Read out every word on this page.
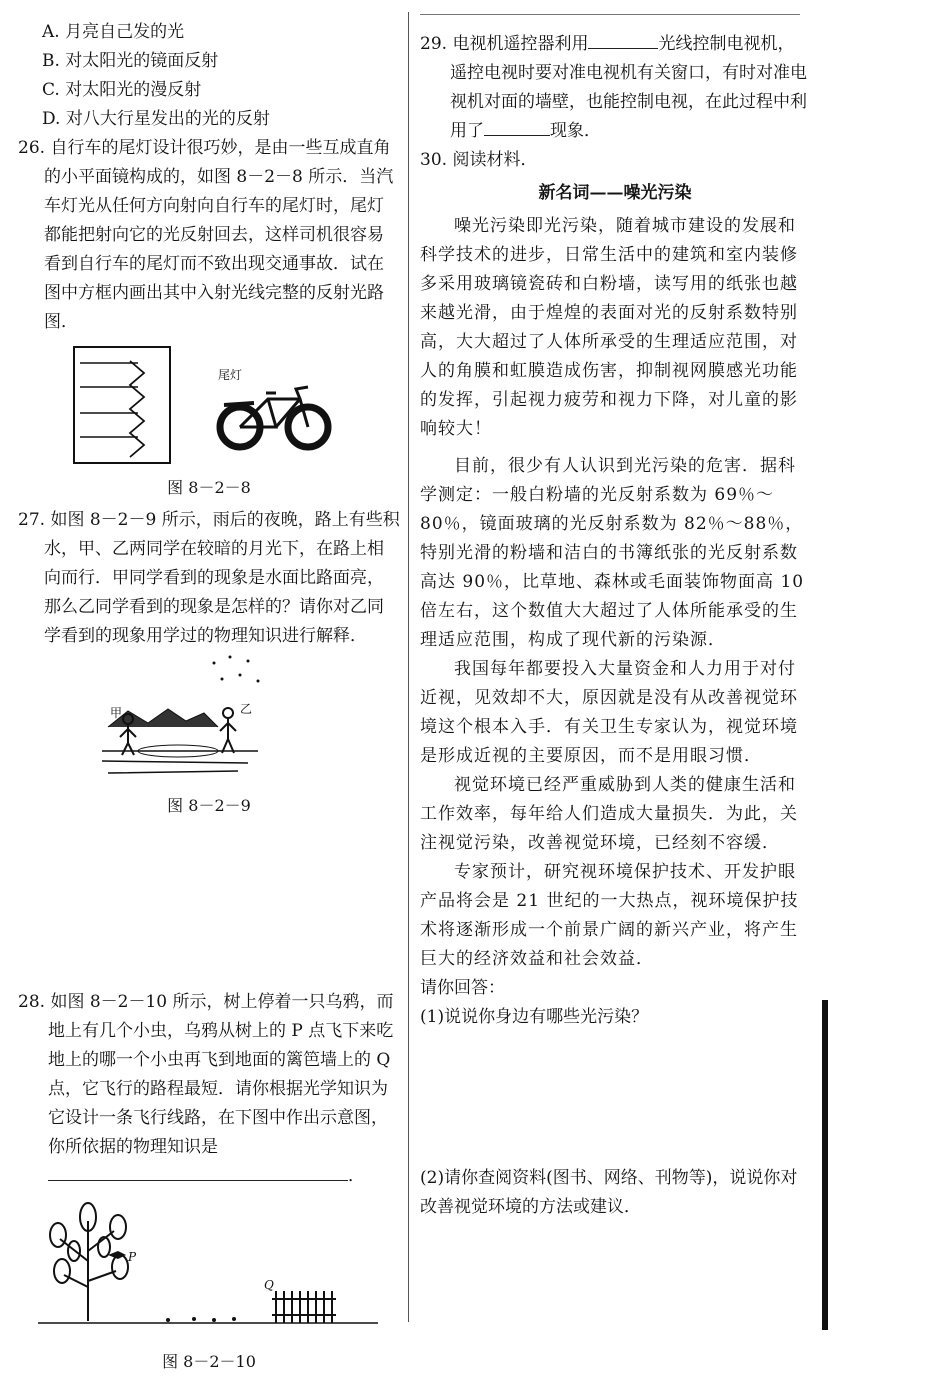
A. 月亮自己发的光

B. 对太阳光的镜面反射

C. 对太阳光的漫反射

D. 对八大行星发出的光的反射

26. 自行车的尾灯设计很巧妙，是由一些互成直角的小平面镜构成的，如图 8－2－8 所示．当汽车灯光从任何方向射向自行车的尾灯时，尾灯都能把射向它的光反射回去，这样司机很容易看到自行车的尾灯而不致出现交通事故．试在图中方框内画出其中入射光线完整的反射光路图．

尾灯

图 8－2－8

27. 如图 8－2－9 所示，雨后的夜晚，路上有些积水，甲、乙两同学在较暗的月光下，在路上相向而行．甲同学看到的现象是水面比路面亮，那么乙同学看到的现象是怎样的？请你对乙同学看到的现象用学过的物理知识进行解释．

甲	乙

图 8－2－9

28. 如图 8－2－10 所示，树上停着一只乌鸦，而地上有几个小虫，乌鸦从树上的 P 点飞下来吃地上的哪一个小虫再飞到地面的篱笆墙上的 Q 点，它飞行的路程最短．请你根据光学知识为它设计一条飞行线路，在下图中作出示意图，你所依据的物理知识是．

P
Q

图 8－2－10

29. 电视机遥控器利用	光线控制电视机，遥控电视时要对准电视机有关窗口，有时对准电视机对面的墙壁，也能控制电视，在此过程中利用了	现象．

30. 阅读材料．

新名词——噪光污染

噪光污染即光污染，随着城市建设的发展和科学技术的进步，日常生活中的建筑和室内装修多采用玻璃镜瓷砖和白粉墙，读写用的纸张也越来越光滑，由于煌煌的表面对光的反射系数特别高，大大超过了人体所承受的生理适应范围，对人的角膜和虹膜造成伤害，抑制视网膜感光功能的发挥，引起视力疲劳和视力下降，对儿童的影响较大！

目前，很少有人认识到光污染的危害．据科学测定：一般白粉墙的光反射系数为 69％～80％，镜面玻璃的光反射系数为 82％～88％，特别光滑的粉墙和洁白的书簿纸张的光反射系数高达 90％，比草地、森林或毛面装饰物面高 10 倍左右，这个数值大大超过了人体所能承受的生理适应范围，构成了现代新的污染源．

我国每年都要投入大量资金和人力用于对付近视，见效却不大，原因就是没有从改善视觉环境这个根本入手．有关卫生专家认为，视觉环境是形成近视的主要原因，而不是用眼习惯．

视觉环境已经严重威胁到人类的健康生活和工作效率，每年给人们造成大量损失．为此，关注视觉污染，改善视觉环境，已经刻不容缓．

专家预计，研究视环境保护技术、开发护眼产品将会是 21 世纪的一大热点，视环境保护技术将逐渐形成一个前景广阔的新兴产业，将产生巨大的经济效益和社会效益．

请你回答：

(1)说说你身边有哪些光污染？

(2)请你查阅资料(图书、网络、刊物等)，说说你对改善视觉环境的方法或建议．
